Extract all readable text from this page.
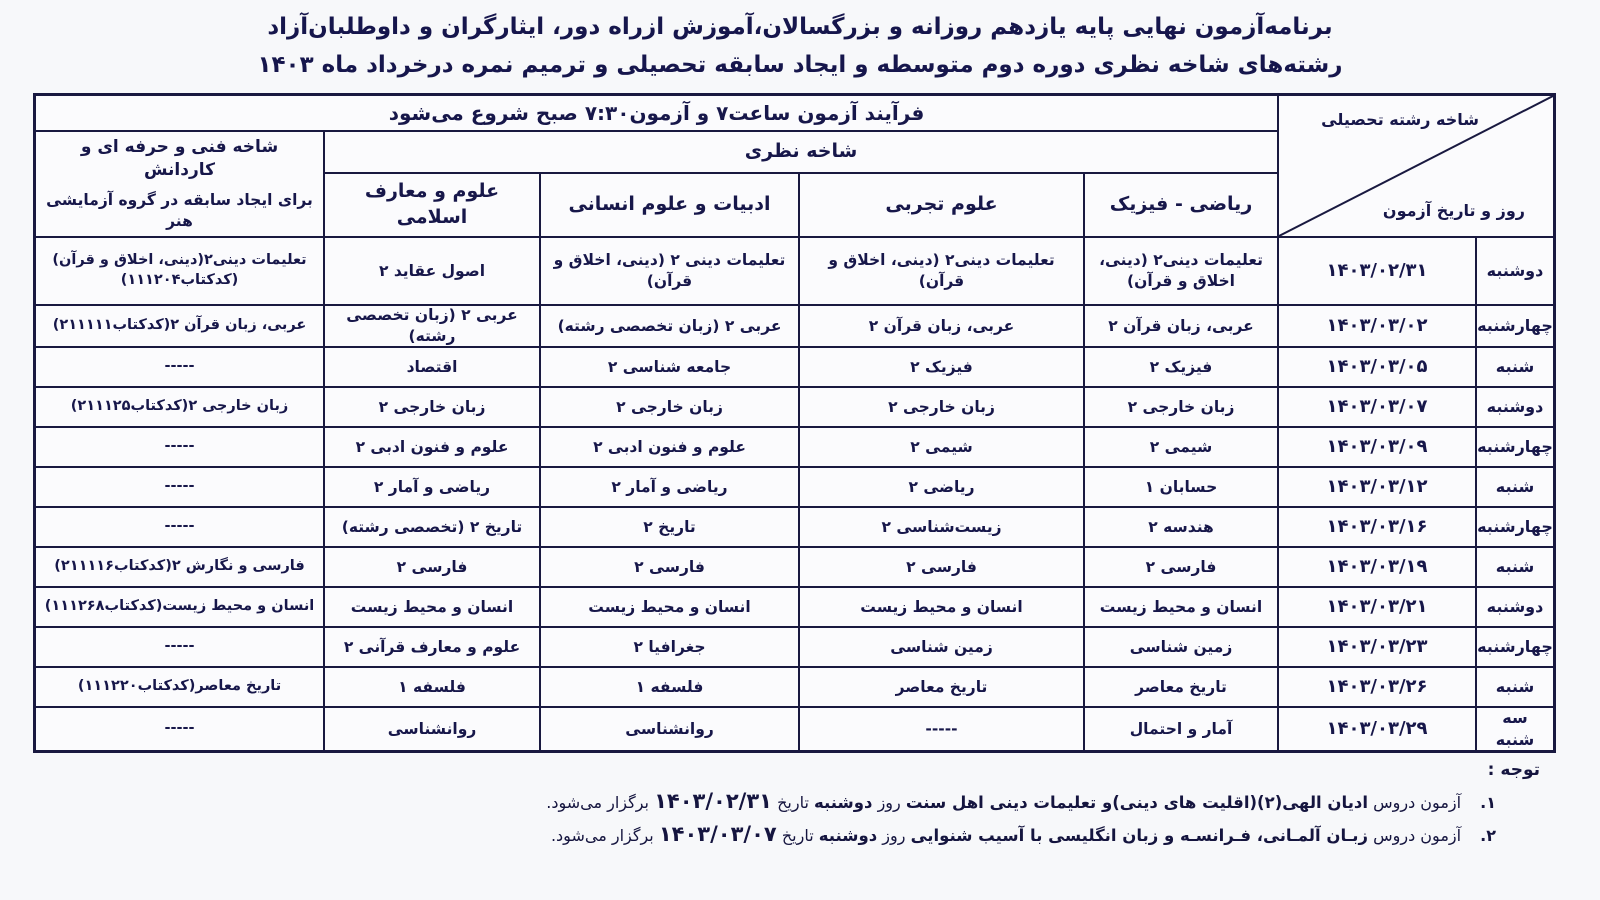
برنامه‌آزمون نهایی پایه یازدهم روزانه و بزرگسالان،آموزش ازراه دور، ایثارگران و داوطلبان‌آزاد
رشته‌های شاخه نظری دوره دوم متوسطه و ایجاد سابقه تحصیلی و ترمیم نمره درخرداد ماه ۱۴۰۳
فرآیند آزمون ساعت۷ و آزمون۷:۳۰ صبح شروع می‌شود	شاخه رشته تحصیلی
روز و تاریخ آزمون
شاخه نظری
شاخه فنی و حرفه ای و کاردانش
برای ایجاد سابقه در گروه آزمایشی هنر
ریاضی - فیزیک
علوم تجربی
ادبیات و علوم انسانی
علوم و معارف اسلامی
دوشنبه
۱۴۰۳/۰۲/۳۱
تعلیمات دینی۲ (دینی، اخلاق و قرآن)
تعلیمات دینی۲ (دینی، اخلاق و قرآن)
تعلیمات دینی ۲ (دینی، اخلاق و قرآن)
اصول عقاید ۲
تعلیمات دینی۲(دینی، اخلاق و قرآن)(کدکتاب۱۱۱۲۰۴)
چهارشنبه
۱۴۰۳/۰۳/۰۲
عربی، زبان قرآن ۲
عربی، زبان قرآن ۲
عربی ۲ (زبان تخصصی رشته)
عربی ۲ (زبان تخصصی رشته)
عربی، زبان قرآن ۲(کدکتاب۲۱۱۱۱۱)
شنبه
۱۴۰۳/۰۳/۰۵
فیزیک ۲
فیزیک ۲
جامعه شناسی ۲
اقتصاد
-----
دوشنبه
۱۴۰۳/۰۳/۰۷
زبان خارجی ۲
زبان خارجی ۲
زبان خارجی ۲
زبان خارجی ۲
زبان خارجی ۲(کدکتاب۲۱۱۱۲۵)
چهارشنبه
۱۴۰۳/۰۳/۰۹
شیمی ۲
شیمی ۲
علوم و فنون ادبی ۲
علوم و فنون ادبی ۲
-----
شنبه
۱۴۰۳/۰۳/۱۲
حسابان ۱
ریاضی ۲
ریاضی و آمار ۲
ریاضی و آمار ۲
-----
چهارشنبه
۱۴۰۳/۰۳/۱۶
هندسه ۲
زیست‌شناسی ۲
تاریخ ۲
تاریخ ۲ (تخصصی رشته)
-----
شنبه
۱۴۰۳/۰۳/۱۹
فارسی ۲
فارسی ۲
فارسی ۲
فارسی ۲
فارسی و نگارش ۲(کدکتاب۲۱۱۱۱۶)
دوشنبه
۱۴۰۳/۰۳/۲۱
انسان و محیط زیست
انسان و محیط زیست
انسان و محیط زیست
انسان و محیط زیست
انسان و محیط زیست(کدکتاب۱۱۱۲۶۸)
چهارشنبه
۱۴۰۳/۰۳/۲۳
زمین شناسی
زمین شناسی
جغرافیا ۲
علوم و معارف قرآنی ۲
-----
شنبه
۱۴۰۳/۰۳/۲۶
تاریخ معاصر
تاریخ معاصر
فلسفه ۱
فلسفه ۱
تاریخ معاصر(کدکتاب۱۱۱۲۲۰)
سه شنبه
۱۴۰۳/۰۳/۲۹
آمار و احتمال
-----
روانشناسی
روانشناسی
-----
توجه :
۱. آزمون دروس ادیان الهی(۲)(اقلیت های دینی)و تعلیمات دینی اهل سنت روز دوشنبه تاریخ ۱۴۰۳/۰۲/۳۱ برگزار می‌شود.
۲. آزمون دروس زبـان آلمـانی، فـرانسـه و زبان انگلیسی با آسیب شنوایی روز دوشنبه تاریخ ۱۴۰۳/۰۳/۰۷ برگزار می‌شود.
